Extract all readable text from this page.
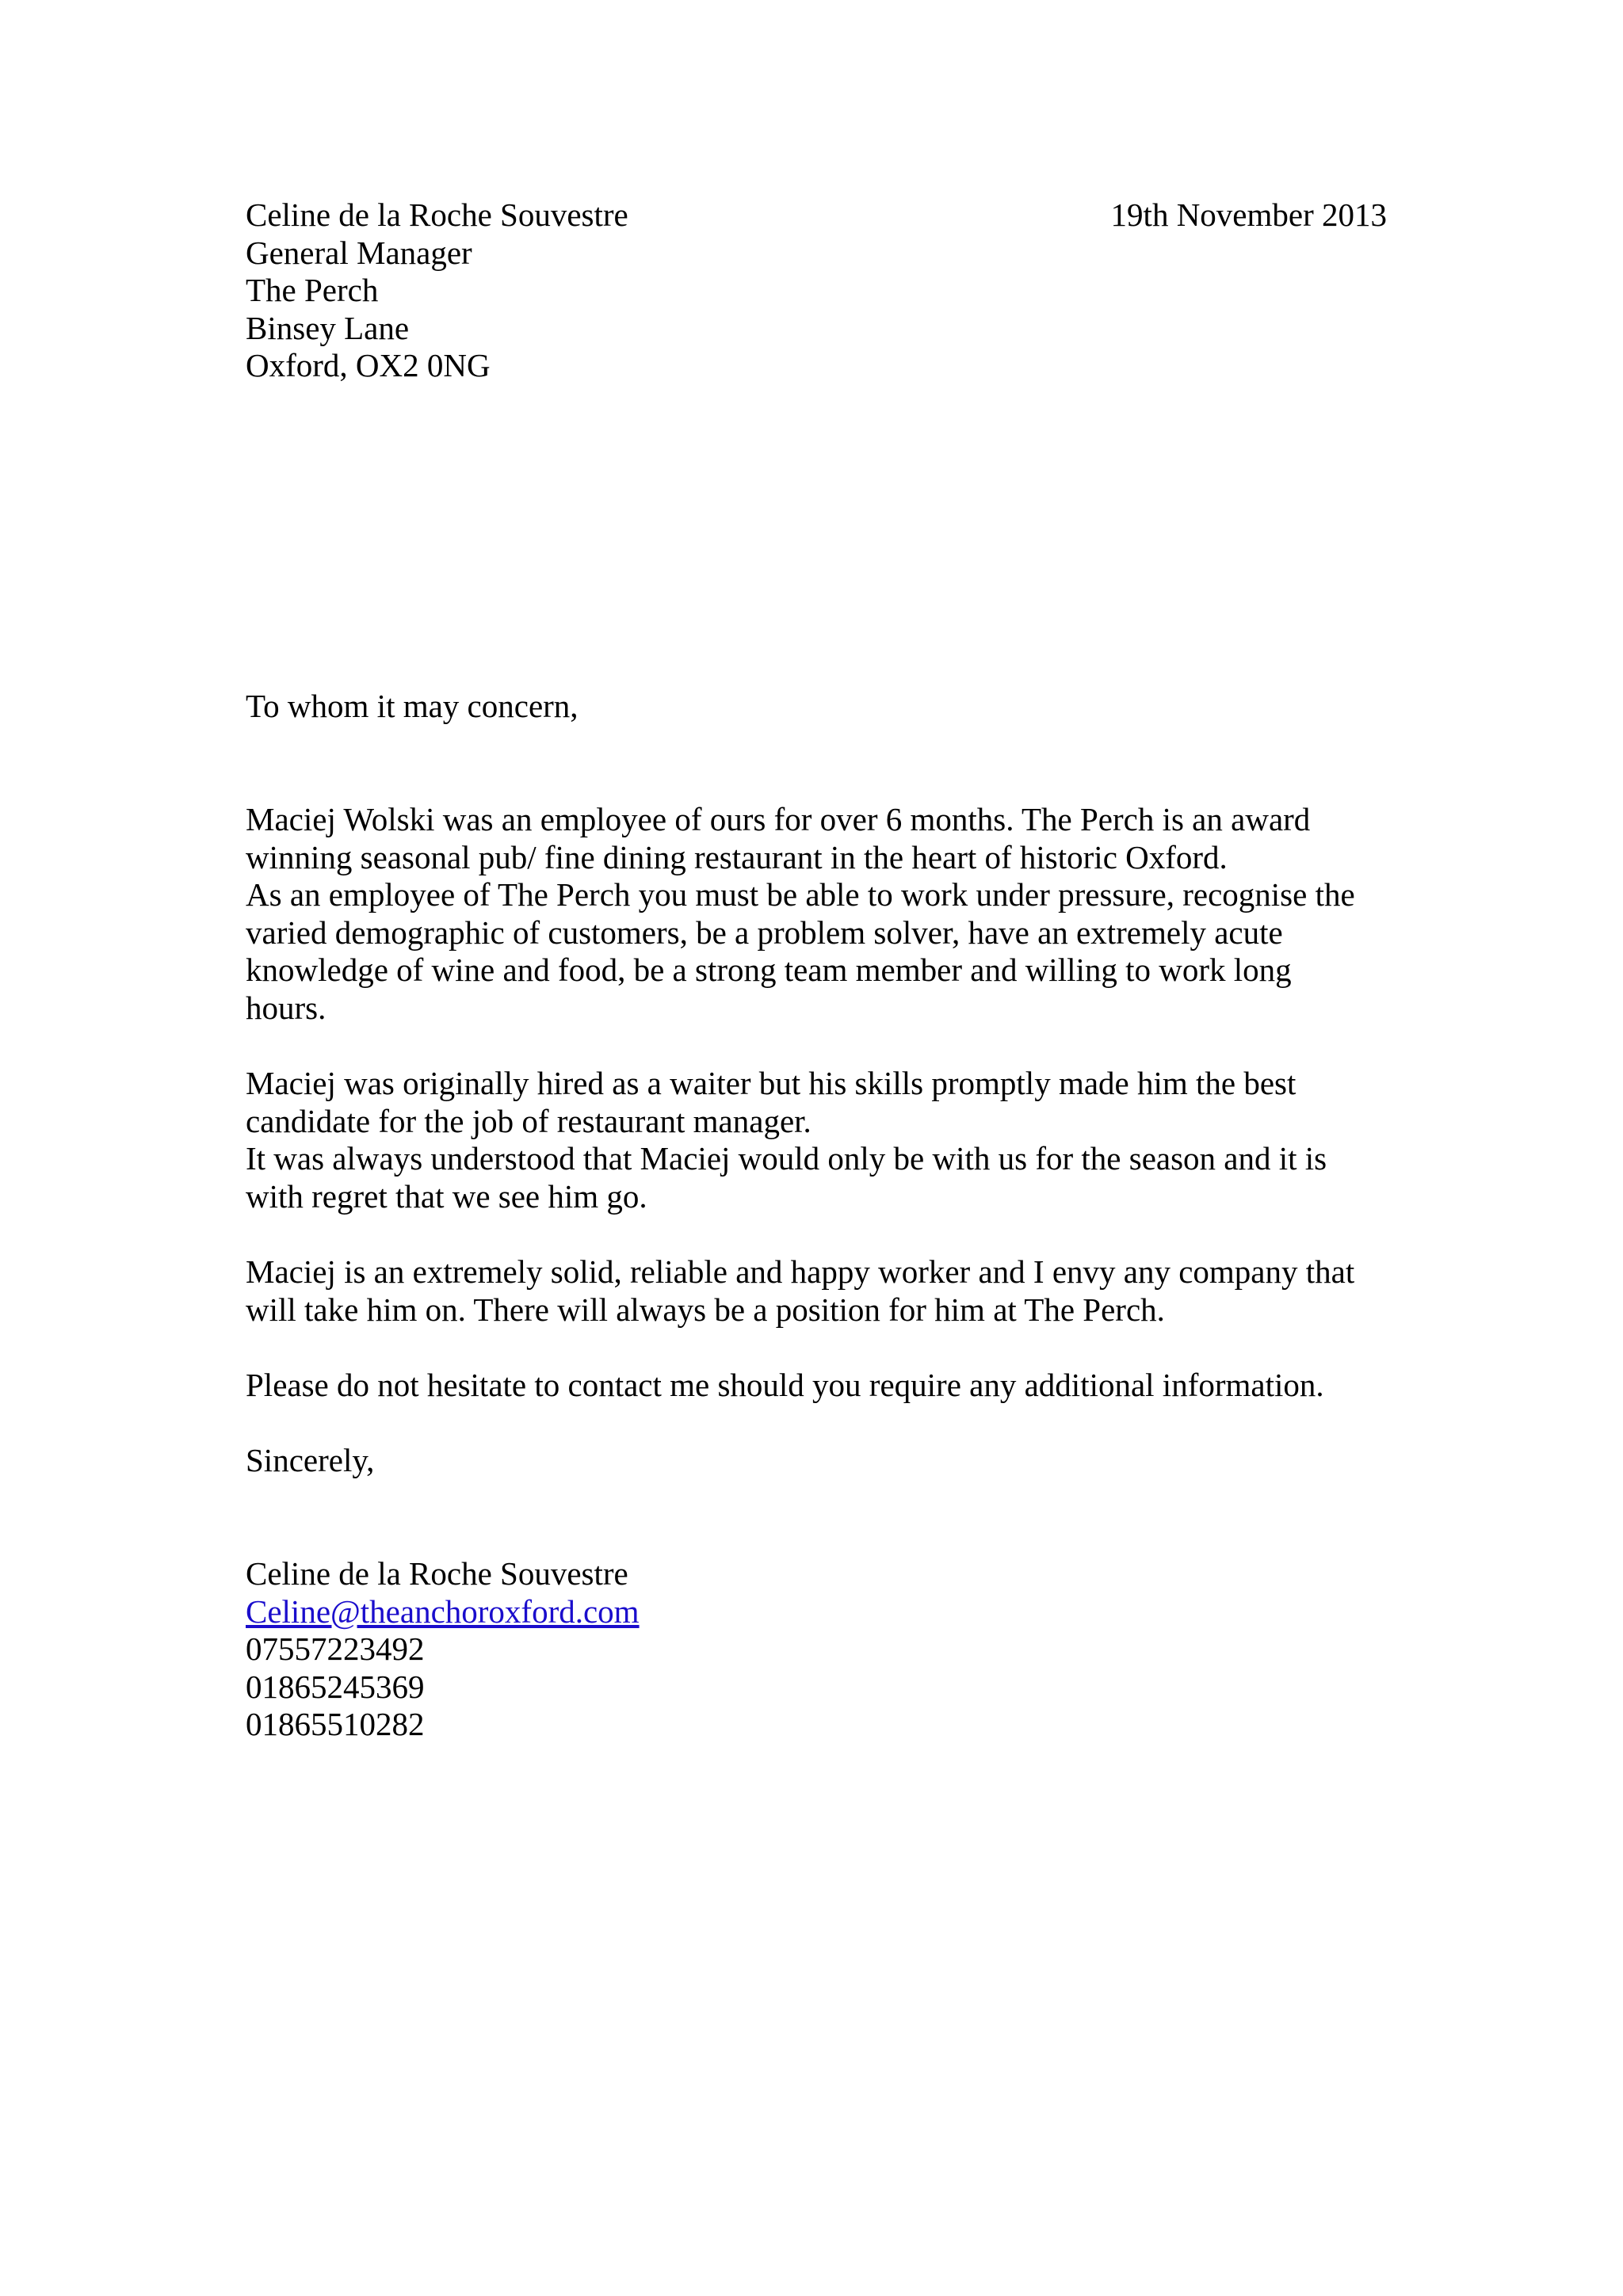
Celine de la Roche Souvestre
General Manager
The Perch
Binsey Lane
Oxford, OX2 0NG
19th November 2013
To whom it may concern,
Maciej Wolski was an employee of ours for over 6 months. The Perch is an award
winning seasonal pub/ fine dining restaurant in the heart of historic Oxford.
As an employee of The Perch you must be able to work under pressure, recognise the
varied demographic of customers, be a problem solver, have an extremely acute
knowledge of wine and food, be a strong team member and willing to work long
hours.
Maciej was originally hired as a waiter but his skills promptly made him the best
candidate for the job of restaurant manager.
It was always understood that Maciej would only be with us for the season and it is
with regret that we see him go.
Maciej is an extremely solid, reliable and happy worker and I envy any company that
will take him on. There will always be a position for him at The Perch.
Please do not hesitate to contact me should you require any additional information.
Sincerely,
Celine de la Roche Souvestre
Celine@theanchoroxford.com
07557223492
01865245369
01865510282
